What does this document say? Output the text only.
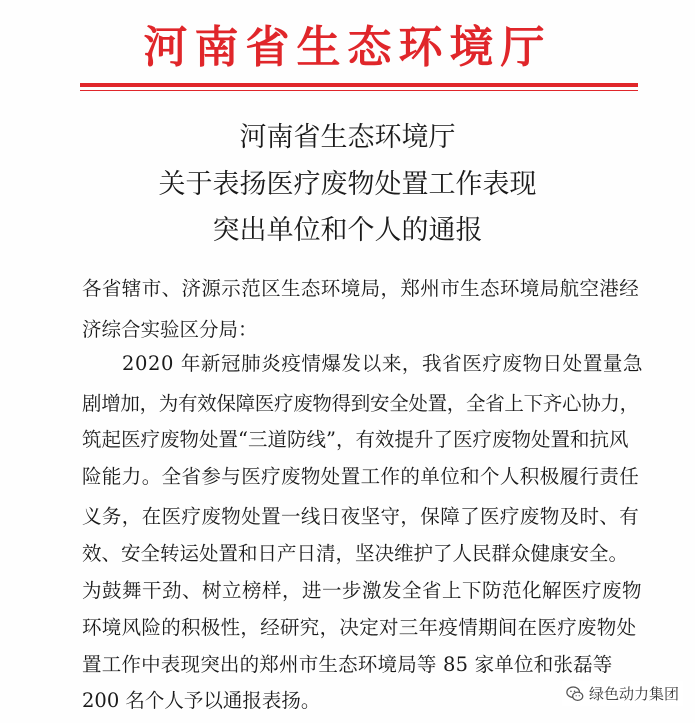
河南省生态环境厅
河南省生态环境厅
关于表扬医疗废物处置工作表现
突出单位和个人的通报
各省辖市、济源示范区生态环境局，郑州市生态环境局航空港经
济综合实验区分局：
2020 年新冠肺炎疫情爆发以来，我省医疗废物日处置量急
剧增加，为有效保障医疗废物得到安全处置，全省上下齐心协力，
筑起医疗废物处置“三道防线”，有效提升了医疗废物处置和抗风
险能力。全省参与医疗废物处置工作的单位和个人积极履行责任
义务，在医疗废物处置一线日夜坚守，保障了医疗废物及时、有
效、安全转运处置和日产日清，坚决维护了人民群众健康安全。
为鼓舞干劲、树立榜样，进一步激发全省上下防范化解医疗废物
环境风险的积极性，经研究，决定对三年疫情期间在医疗废物处
置工作中表现突出的郑州市生态环境局等 85 家单位和张磊等
200 名个人予以通报表扬。	绿色动力集团
